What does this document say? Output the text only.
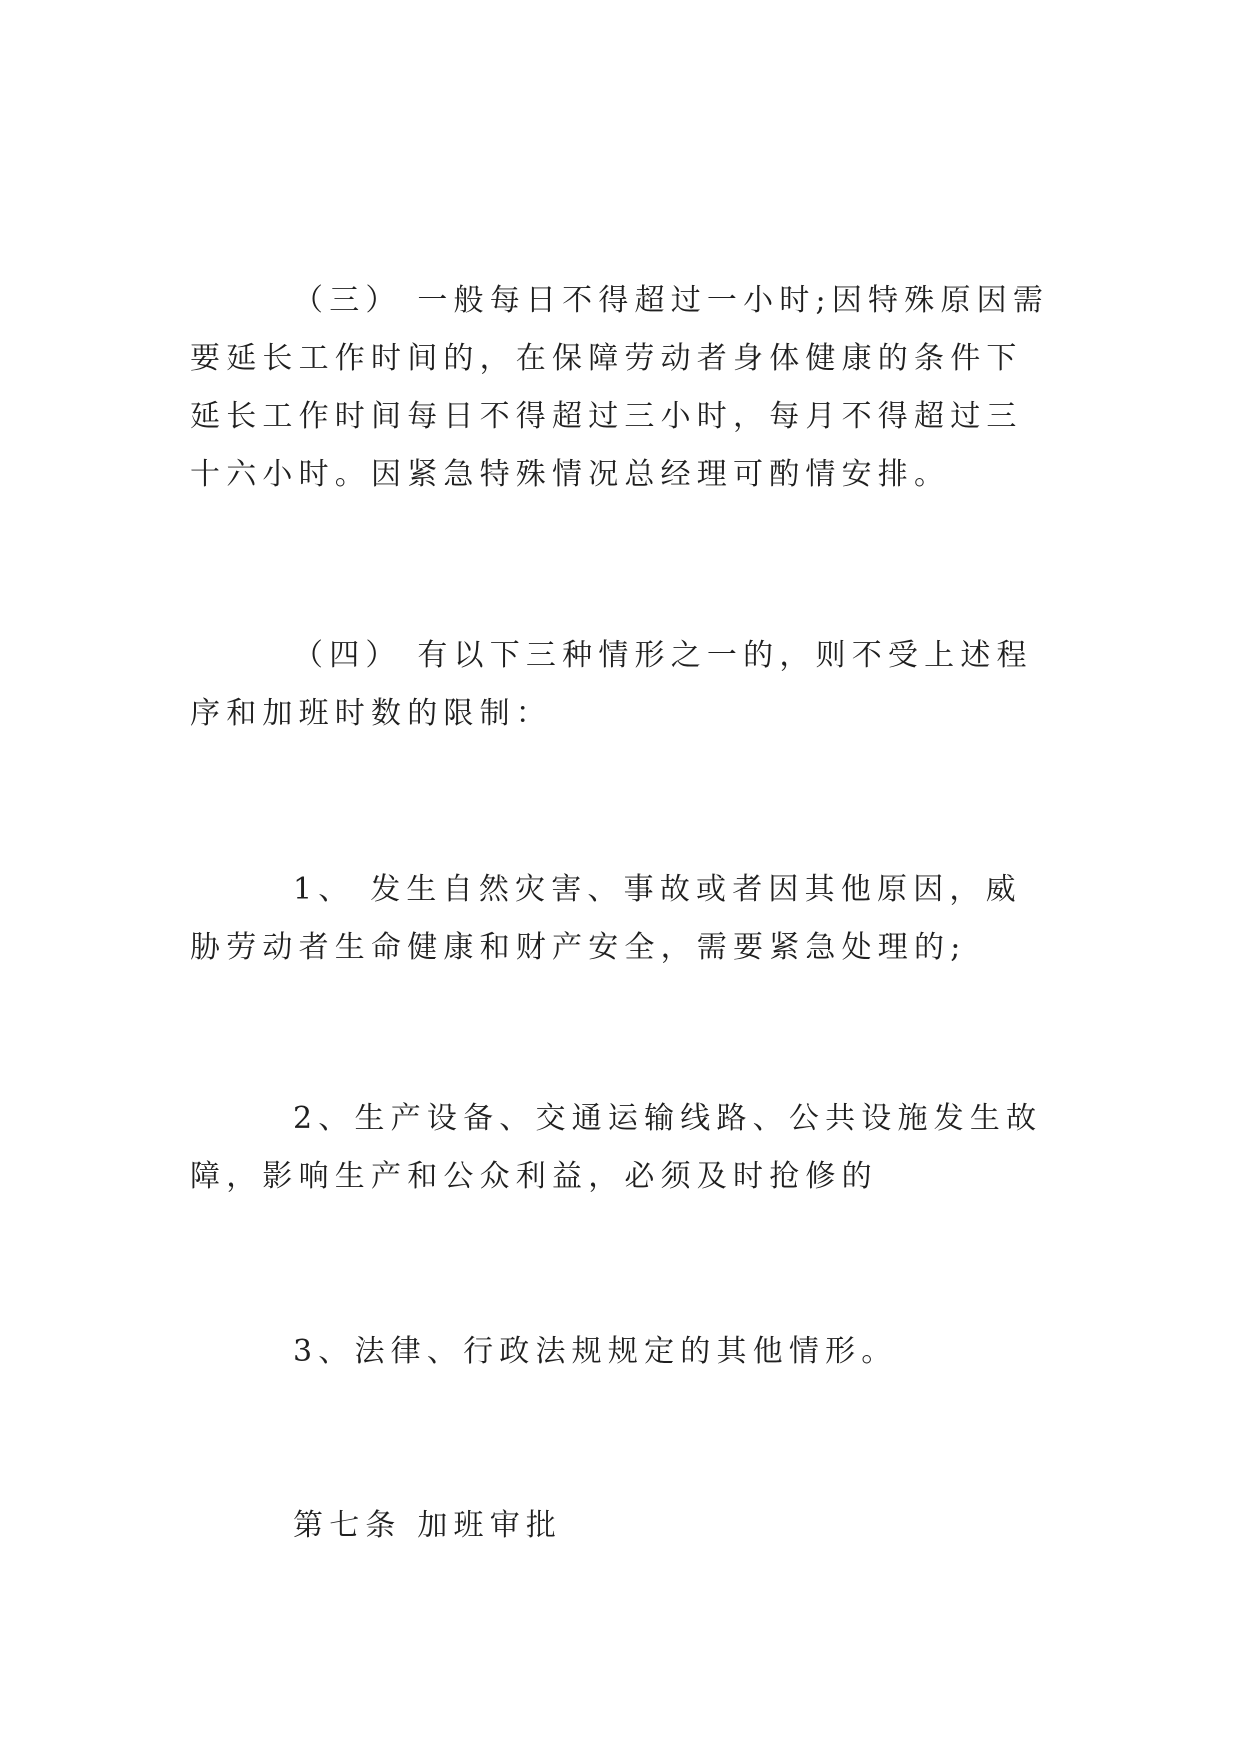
（三） 一般每日不得超过一小时;因特殊原因需要延长工作时间的，在保障劳动者身体健康的条件下延长工作时间每日不得超过三小时，每月不得超过三十六小时。因紧急特殊情况总经理可酌情安排。

（四） 有以下三种情形之一的，则不受上述程序和加班时数的限制：

1、 发生自然灾害、事故或者因其他原因，威胁劳动者生命健康和财产安全，需要紧急处理的;

2、生产设备、交通运输线路、公共设施发生故障，影响生产和公众利益，必须及时抢修的

3、法律、行政法规规定的其他情形。

第七条 加班审批
